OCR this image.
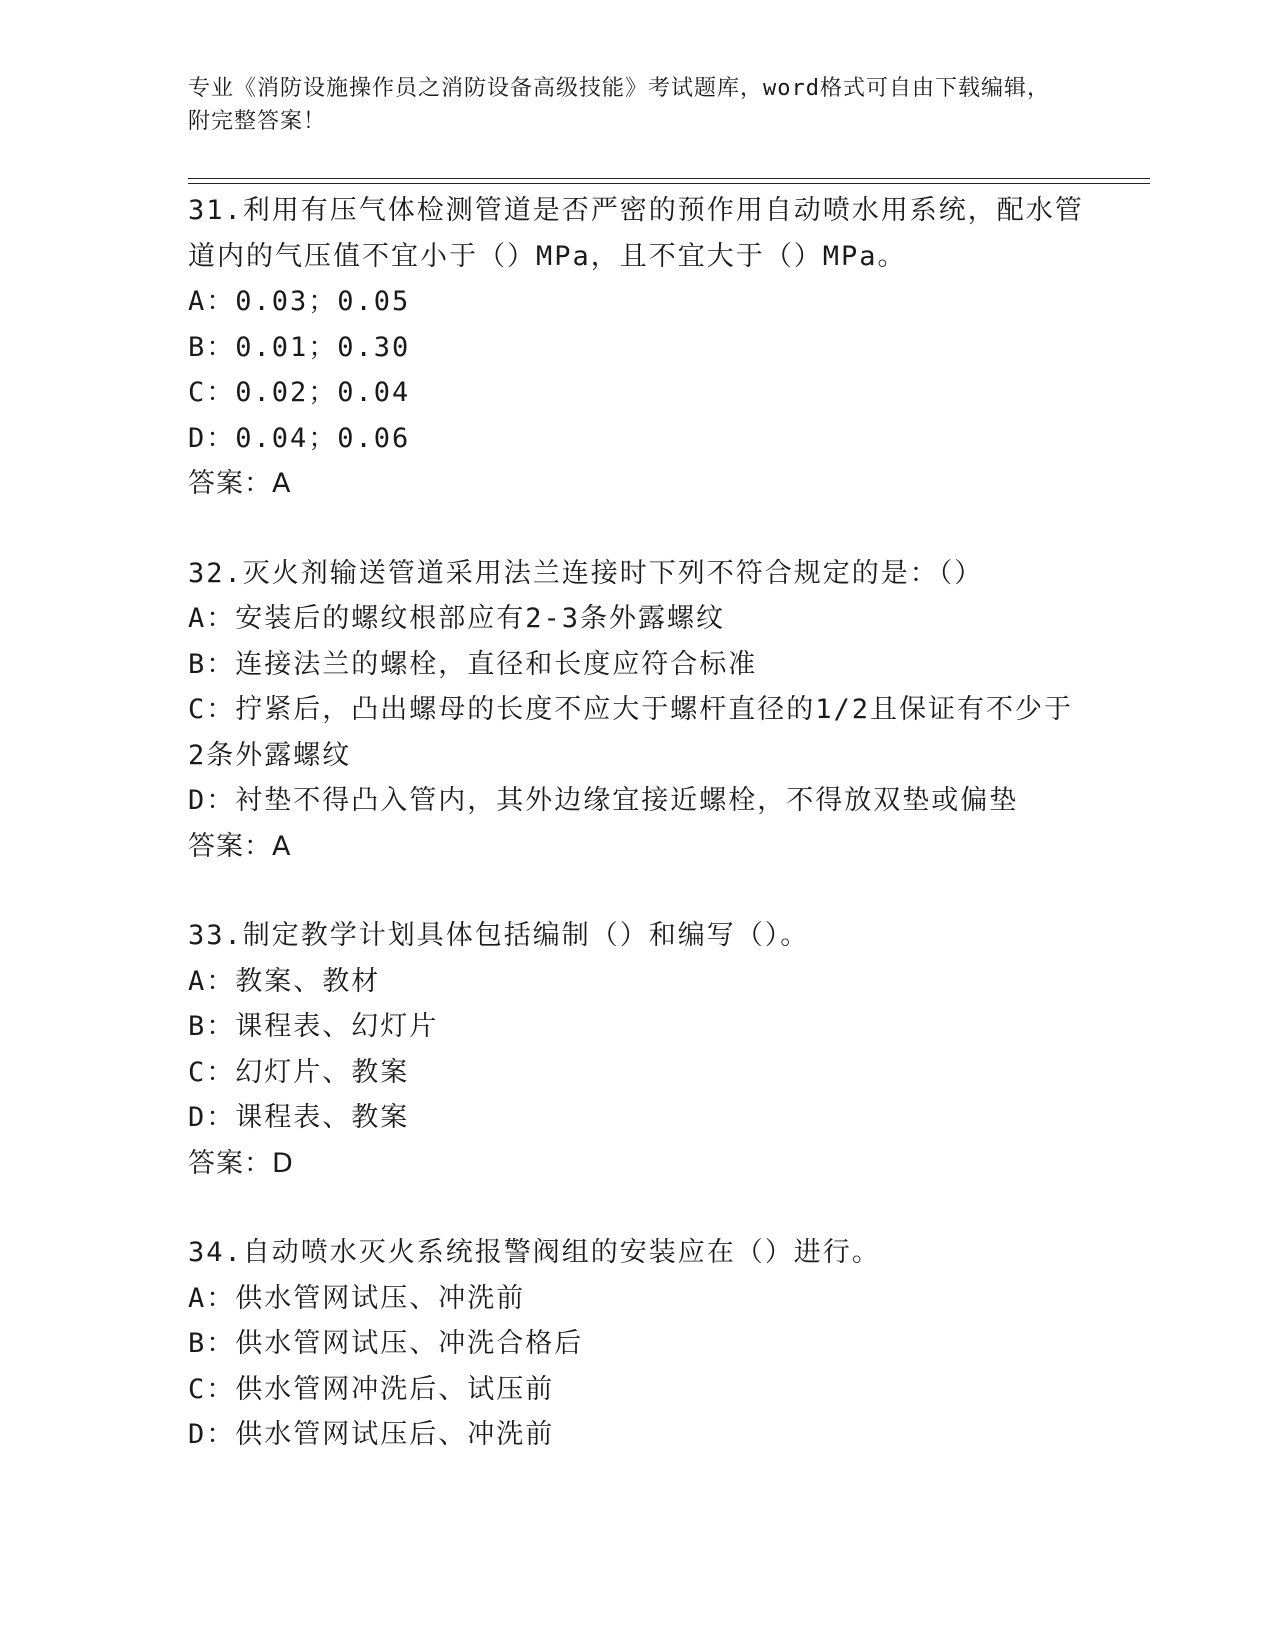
专业《消防设施操作员之消防设备高级技能》考试题库，word格式可自由下载编辑，附完整答案！

31.利用有压气体检测管道是否严密的预作用自动喷水用系统，配水管
道内的气压值不宜小于（）MPa，且不宜大于（）MPa。
A：0.03；0.05
B：0.01；0.30
C：0.02；0.04
D：0.04；0.06
答案：A
32.灭火剂输送管道采用法兰连接时下列不符合规定的是：（）
A：安装后的螺纹根部应有2-3条外露螺纹
B：连接法兰的螺栓，直径和长度应符合标准
C：拧紧后，凸出螺母的长度不应大于螺杆直径的1/2且保证有不少于
2条外露螺纹
D：衬垫不得凸入管内，其外边缘宜接近螺栓，不得放双垫或偏垫
答案：A
33.制定教学计划具体包括编制（）和编写（）。
A：教案、教材
B：课程表、幻灯片
C：幻灯片、教案
D：课程表、教案
答案：D
34.自动喷水灭火系统报警阀组的安装应在（）进行。
A：供水管网试压、冲洗前
B：供水管网试压、冲洗合格后
C：供水管网冲洗后、试压前
D：供水管网试压后、冲洗前
